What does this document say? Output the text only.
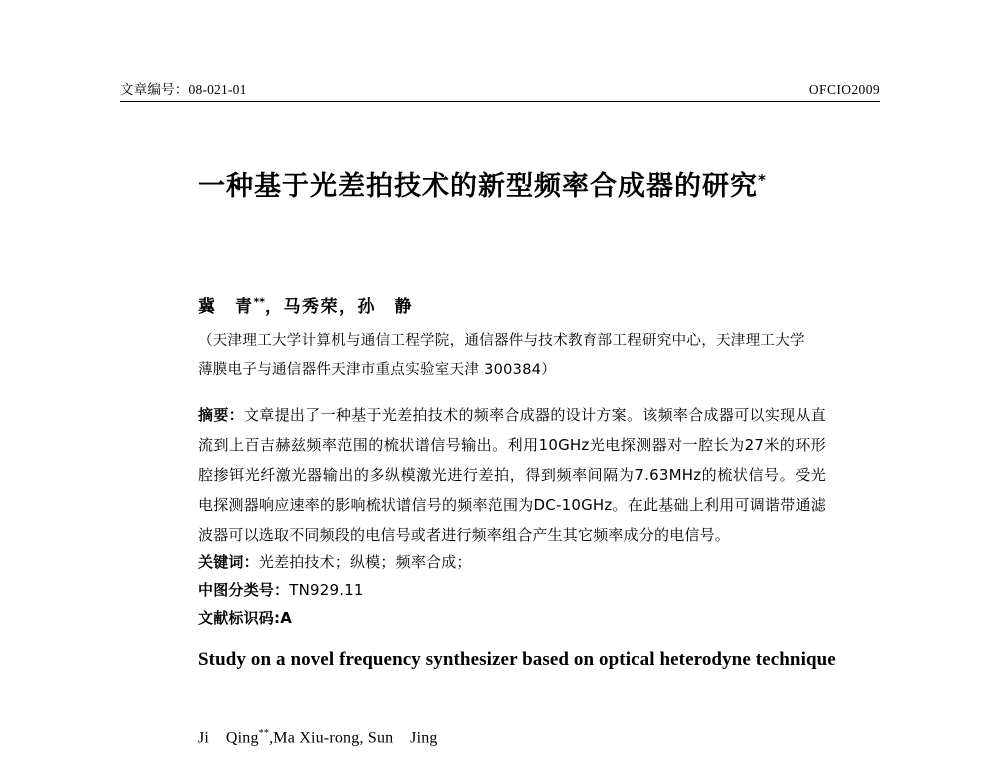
文章编号：08-021-01	OFCIO2009
一种基于光差拍技术的新型频率合成器的研究*
冀　青**，马秀荣，孙　静
（天津理工大学计算机与通信工程学院，通信器件与技术教育部工程研究中心，天津理工大学薄膜电子与通信器件天津市重点实验室天津 300384）
摘要：文章提出了一种基于光差拍技术的频率合成器的设计方案。该频率合成器可以实现从直流到上百吉赫兹频率范围的梳状谱信号输出。利用10GHz光电探测器对一腔长为27米的环形腔掺铒光纤激光器输出的多纵模激光进行差拍，得到频率间隔为7.63MHz的梳状信号。受光电探测器响应速率的影响梳状谱信号的频率范围为DC-10GHz。在此基础上利用可调谐带通滤波器可以选取不同频段的电信号或者进行频率组合产生其它频率成分的电信号。
关键词：光差拍技术；纵模；频率合成；
中图分类号：TN929.11
文献标识码:A
Study on a novel frequency synthesizer based on optical heterodyne technique
Ji    Qing**,Ma Xiu-rong, Sun    Jing
